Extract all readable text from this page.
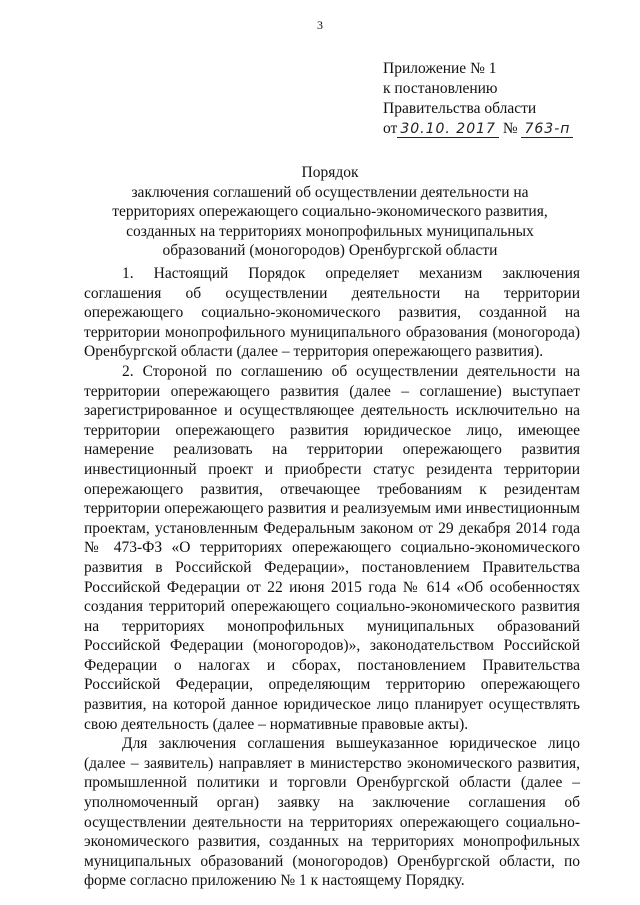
3
Приложение № 1
к постановлению
Правительства области
от 30.10. 2017 № 763-п
Порядок
заключения соглашений об осуществлении деятельности на
территориях опережающего социально-экономического развития,
созданных на территориях монопрофильных муниципальных
образований (моногородов) Оренбургской области

1. Настоящий Порядок определяет механизм заключения соглашения об осуществлении деятельности на территории опережающего социально-экономического развития, созданной на территории монопрофильного муниципального образования (моногорода) Оренбургской области (далее – территория опережающего развития).

2. Стороной по соглашению об осуществлении деятельности на территории опережающего развития (далее – соглашение) выступает зарегистрированное и осуществляющее деятельность исключительно на территории опережающего развития юридическое лицо, имеющее намерение реализовать на территории опережающего развития инвестиционный проект и приобрести статус резидента территории опережающего развития, отвечающее требованиям к резидентам территории опережающего развития и реализуемым ими инвестиционным проектам, установленным Федеральным законом от 29 декабря 2014 года № 473-ФЗ «О территориях опережающего социально-экономического развития в Российской Федерации», постановлением Правительства Российской Федерации от 22 июня 2015 года № 614 «Об особенностях создания территорий опережающего социально-экономического развития на территориях монопрофильных муниципальных образований Российской Федерации (моногородов)», законодательством Российской Федерации о налогах и сборах, постановлением Правительства Российской Федерации, определяющим территорию опережающего развития, на которой данное юридическое лицо планирует осуществлять свою деятельность (далее – нормативные правовые акты).

Для заключения соглашения вышеуказанное юридическое лицо (далее – заявитель) направляет в министерство экономического развития, промышленной политики и торговли Оренбургской области (далее – уполномоченный орган) заявку на заключение соглашения об осуществлении деятельности на территориях опережающего социально-экономического развития, созданных на территориях монопрофильных муниципальных образований (моногородов) Оренбургской области, по форме согласно приложению № 1 к настоящему Порядку.
